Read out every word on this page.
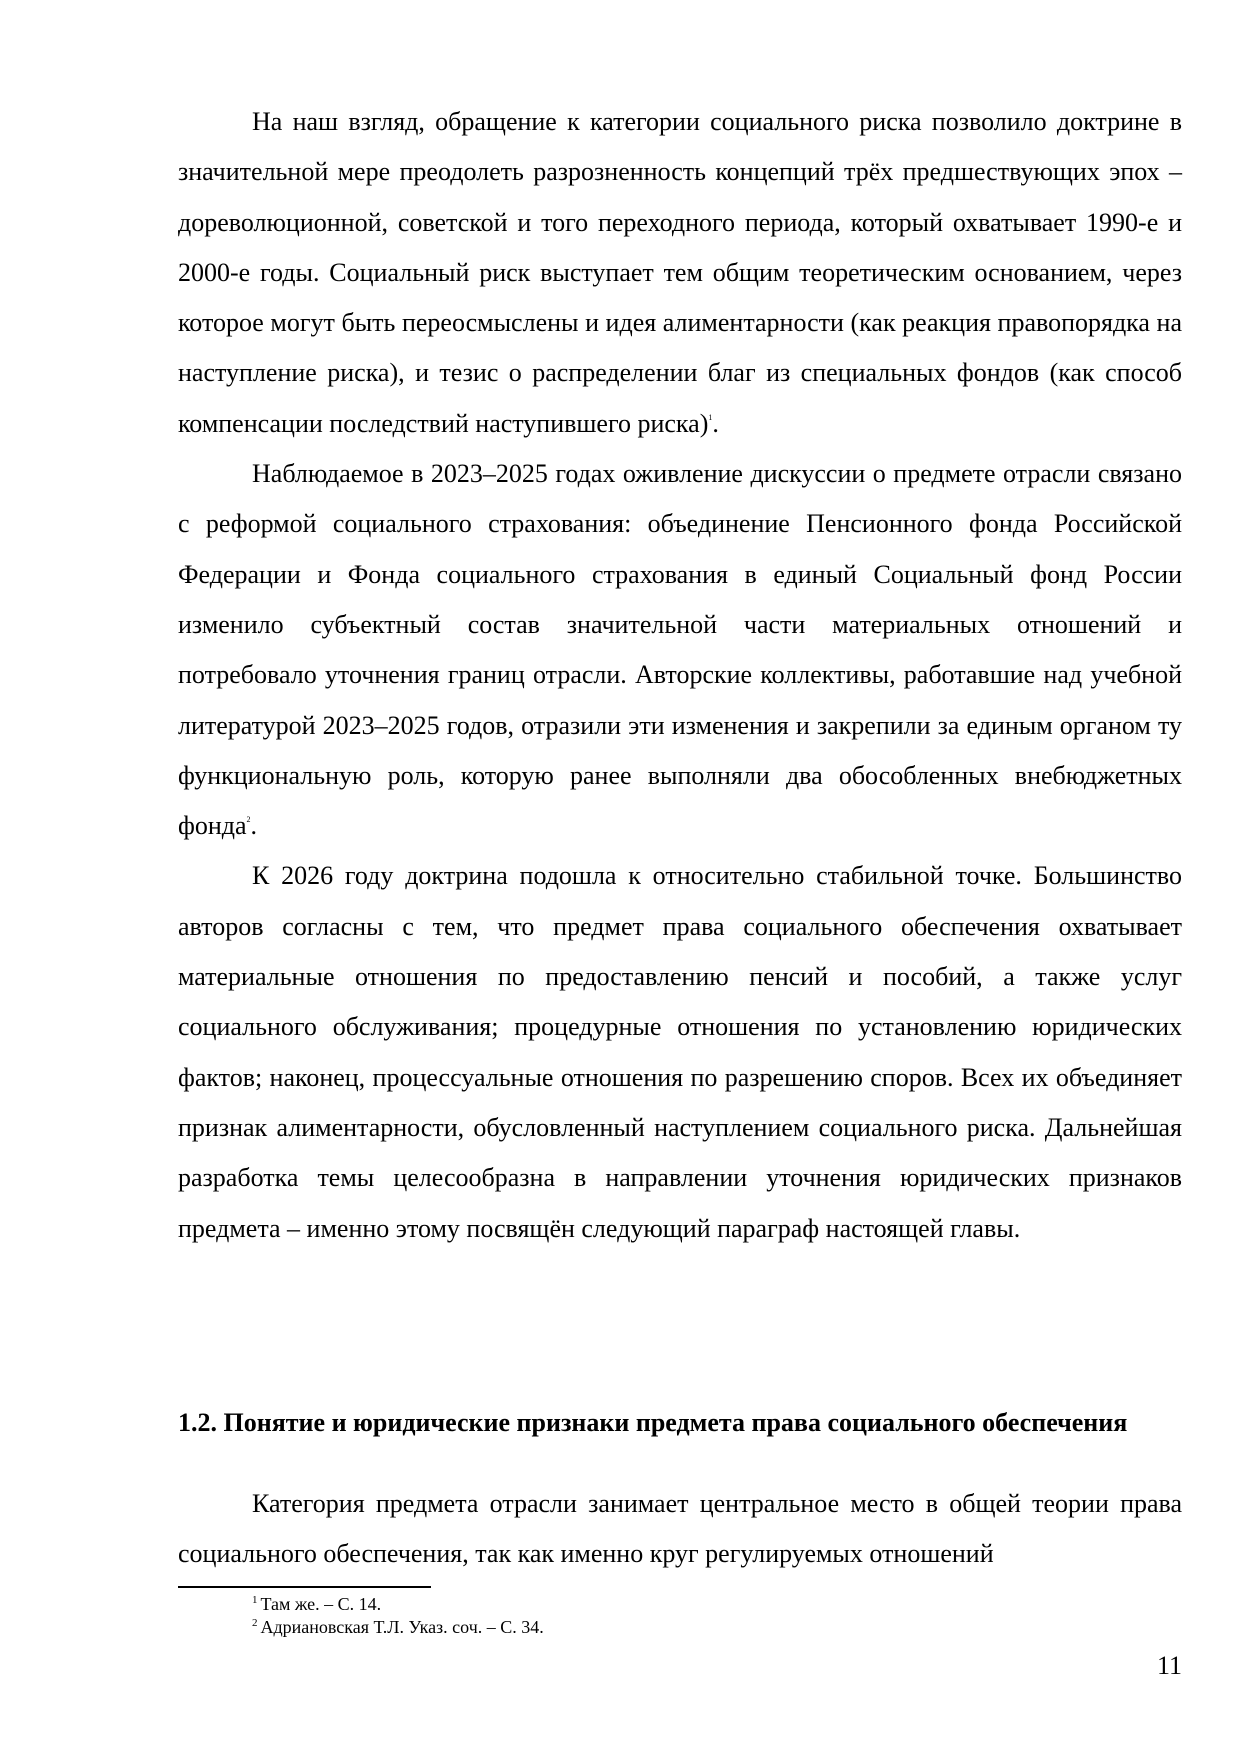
На наш взгляд, обращение к категории социального риска позволило доктрине в значительной мере преодолеть разрозненность концепций трёх предшествующих эпох – дореволюционной, советской и того переходного периода, который охватывает 1990-е и 2000-е годы. Социальный риск выступает тем общим теоретическим основанием, через которое могут быть переосмыслены и идея алиментарности (как реакция правопорядка на наступление риска), и тезис о распределении благ из специальных фондов (как способ компенсации последствий наступившего риска)$^1$.

Наблюдаемое в 2023–2025 годах оживление дискуссии о предмете отрасли связано с реформой социального страхования: объединение Пенсионного фонда Российской Федерации и Фонда социального страхования в единый Социальный фонд России изменило субъектный состав значительной части материальных отношений и потребовало уточнения границ отрасли. Авторские коллективы, работавшие над учебной литературой 2023–2025 годов, отразили эти изменения и закрепили за единым органом ту функциональную роль, которую ранее выполняли два обособленных внебюджетных фонда$^2$.

К 2026 году доктрина подошла к относительно стабильной точке. Большинство авторов согласны с тем, что предмет права социального обеспечения охватывает материальные отношения по предоставлению пенсий и пособий, а также услуг социального обслуживания; процедурные отношения по установлению юридических фактов; наконец, процессуальные отношения по разрешению споров. Всех их объединяет признак алиментарности, обусловленный наступлением социального риска. Дальнейшая разработка темы целесообразна в направлении уточнения юридических признаков предмета – именно этому посвящён следующий параграф настоящей главы.

1.2. Понятие и юридические признаки предмета права социального обеспечения

Категория предмета отрасли занимает центральное место в общей теории права социального обеспечения, так как именно круг регулируемых отношений

$^1$ Там же. – С. 14.

$^2$ Адриановская Т.Л. Указ. соч. – С. 34.

11
